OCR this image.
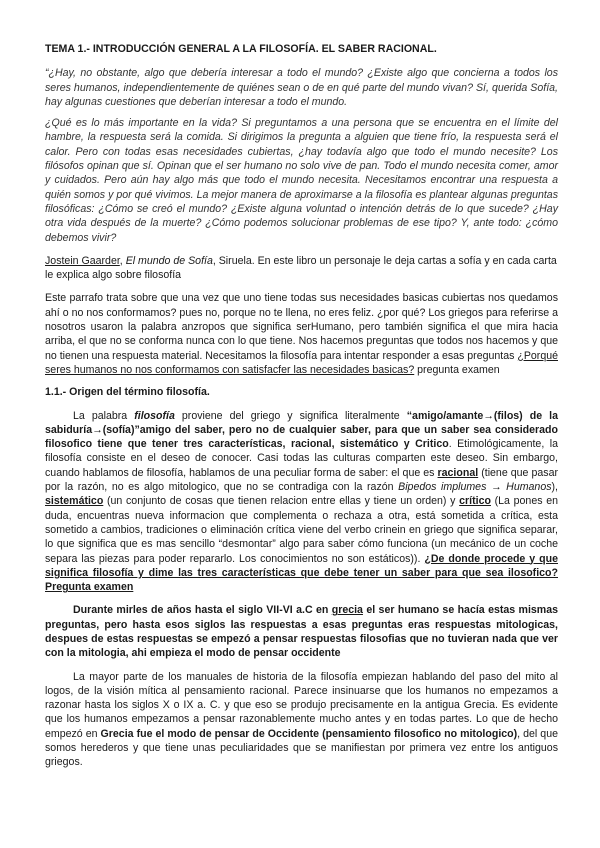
TEMA 1.- INTRODUCCIÓN GENERAL A LA FILOSOFÍA. EL SABER RACIONAL.

“¿Hay, no obstante, algo que debería interesar a todo el mundo? ¿Existe algo que concierna a todos los seres humanos, independientemente de quiénes sean o de en qué parte del mundo vivan? Sí, querida Sofía, hay algunas cuestiones que deberían interesar a todo el mundo.

¿Qué es lo más importante en la vida? Si preguntamos a una persona que se encuentra en el límite del hambre, la respuesta será la comida. Si dirigimos la pregunta a alguien que tiene frío, la respuesta será el calor. Pero con todas esas necesidades cubiertas, ¿hay todavía algo que todo el mundo necesite? Los filósofos opinan que sí. Opinan que el ser humano no solo vive de pan. Todo el mundo necesita comer, amor y cuidados. Pero aún hay algo más que todo el mundo necesita. Necesitamos encontrar una respuesta a quién somos y por qué vivimos. La mejor manera de aproximarse a la filosofía es plantear algunas preguntas filosóficas: ¿Cómo se creó el mundo? ¿Existe alguna voluntad o intención detrás de lo que sucede? ¿Hay otra vida después de la muerte? ¿Cómo podemos solucionar problemas de ese tipo? Y, ante todo: ¿cómo debemos vivir?

Jostein Gaarder, El mundo de Sofía, Siruela. En este libro un personaje le deja cartas a sofía y en cada carta le explica algo sobre filosofía

Este parrafo trata sobre que una vez que uno tiene todas sus necesidades basicas cubiertas nos quedamos ahí o no nos conformamos? pues no, porque no te llena, no eres feliz. ¿por qué? Los griegos para referirse a nosotros usaron la palabra anzropos que significa serHumano, pero también significa el que mira hacia arriba, el que no se conforma nunca con lo que tiene. Nos hacemos preguntas que todos nos hacemos y que no tienen una respuesta material. Necesitamos la filosofía para intentar responder a esas preguntas ¿Porqué seres humanos no nos conformamos con satisfacfer las necesidades basicas? pregunta examen

1.1.- Origen del término filosofía.

La palabra filosofía proviene del griego y significa literalmente “amigo/amante→(filos) de la sabiduría→(sofía)”amigo del saber, pero no de cualquier saber, para que un saber sea considerado filosofico tiene que tener tres características, racional, sistemático y Critico. Etimológicamente, la filosofía consiste en el deseo de conocer. Casi todas las culturas comparten este deseo. Sin embargo, cuando hablamos de filosofía, hablamos de una peculiar forma de saber: el que es racional (tiene que pasar por la razón, no es algo mitologico, que no se contradiga con la razón Bipedos implumes → Humanos), sistemático (un conjunto de cosas que tienen relacion entre ellas y tiene un orden) y crítico (La pones en duda, encuentras nueva informacion que complementa o rechaza a otra, está sometida a crítica, esta sometido a cambios, tradiciones o eliminación crítica viene del verbo crinein en griego que significa separar, lo que significa que es mas sencillo “desmontar” algo para saber cómo funciona (un mecánico de un coche separa las piezas para poder repararlo. Los conocimientos no son estáticos)). ¿De donde procede y que significa filosofía y dime las tres características que debe tener un saber para que sea ilosofico? Pregunta examen

Durante mirles de años hasta el siglo VII-VI a.C en grecia el ser humano se hacía estas mismas preguntas, pero hasta esos siglos las respuestas a esas preguntas eras respuestas mitologicas, despues de estas respuestas se empezó a pensar respuestas filosofias que no tuvieran nada que ver con la mitologia, ahi empieza el modo de pensar occidente

La mayor parte de los manuales de historia de la filosofía empiezan hablando del paso del mito al logos, de la visión mítica al pensamiento racional. Parece insinuarse que los humanos no empezamos a razonar hasta los siglos X o IX a. C. y que eso se produjo precisamente en la antigua Grecia. Es evidente que los humanos empezamos a pensar razonablemente mucho antes y en todas partes. Lo que de hecho empezó en Grecia fue el modo de pensar de Occidente (pensamiento filosofico no mitologico), del que somos herederos y que tiene unas peculiaridades que se manifiestan por primera vez entre los antiguos griegos.
